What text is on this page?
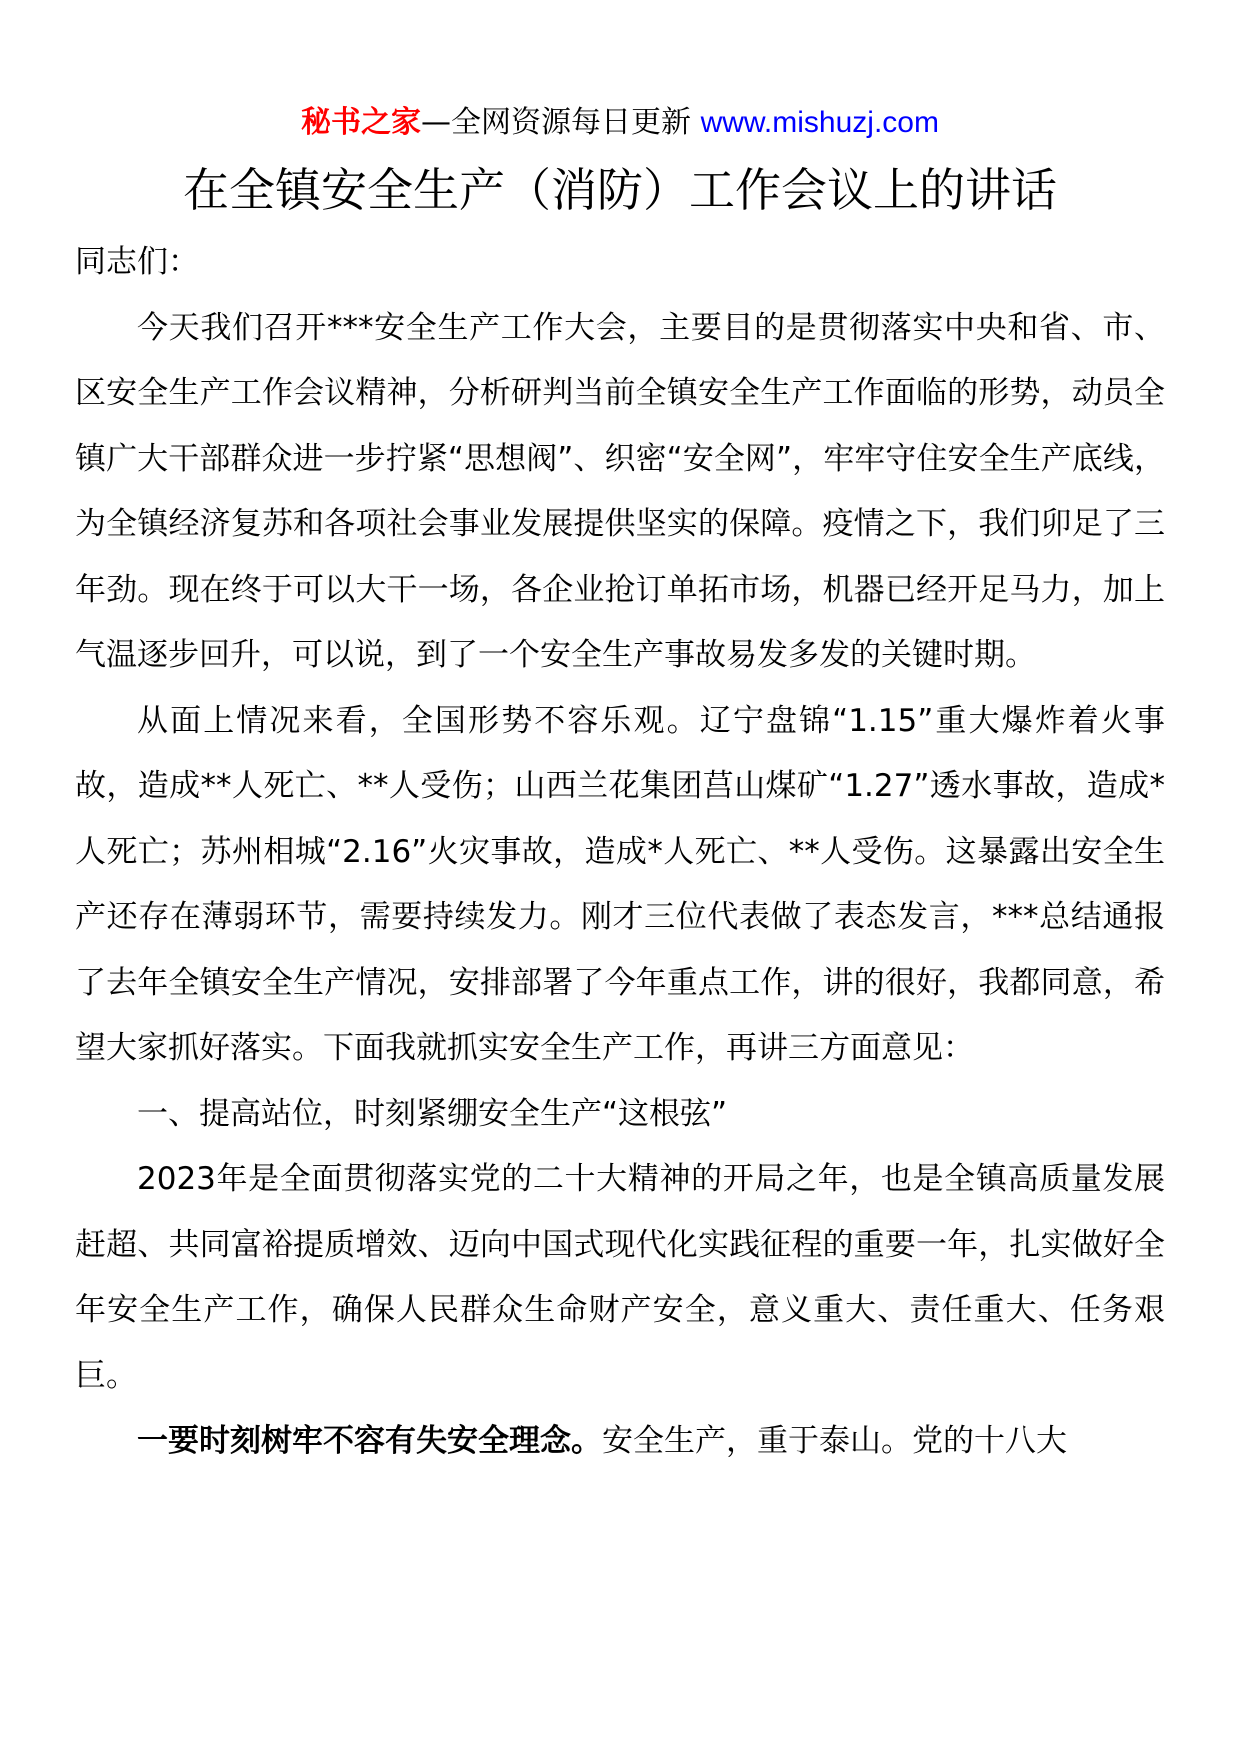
秘书之家—全网资源每日更新 www.mishuzj.com
在全镇安全生产（消防）工作会议上的讲话

同志们：

今天我们召开***安全生产工作大会，主要目的是贯彻落实中央和省、市、区安全生产工作会议精神，分析研判当前全镇安全生产工作面临的形势，动员全镇广大干部群众进一步拧紧“思想阀”、织密“安全网”，牢牢守住安全生产底线，为全镇经济复苏和各项社会事业发展提供坚实的保障。疫情之下，我们卯足了三年劲。现在终于可以大干一场，各企业抢订单拓市场，机器已经开足马力，加上气温逐步回升，可以说，到了一个安全生产事故易发多发的关键时期。

从面上情况来看，全国形势不容乐观。辽宁盘锦“1.15”重大爆炸着火事故，造成**人死亡、**人受伤；山西兰花集团莒山煤矿“1.27”透水事故，造成*人死亡；苏州相城“2.16”火灾事故，造成*人死亡、**人受伤。这暴露出安全生产还存在薄弱环节，需要持续发力。刚才三位代表做了表态发言，***总结通报了去年全镇安全生产情况，安排部署了今年重点工作，讲的很好，我都同意，希望大家抓好落实。下面我就抓实安全生产工作，再讲三方面意见：

一、提高站位，时刻紧绷安全生产“这根弦”

2023年是全面贯彻落实党的二十大精神的开局之年，也是全镇高质量发展赶超、共同富裕提质增效、迈向中国式现代化实践征程的重要一年，扎实做好全年安全生产工作，确保人民群众生命财产安全，意义重大、责任重大、任务艰巨。

一要时刻树牢不容有失安全理念。安全生产，重于泰山。党的十八大
